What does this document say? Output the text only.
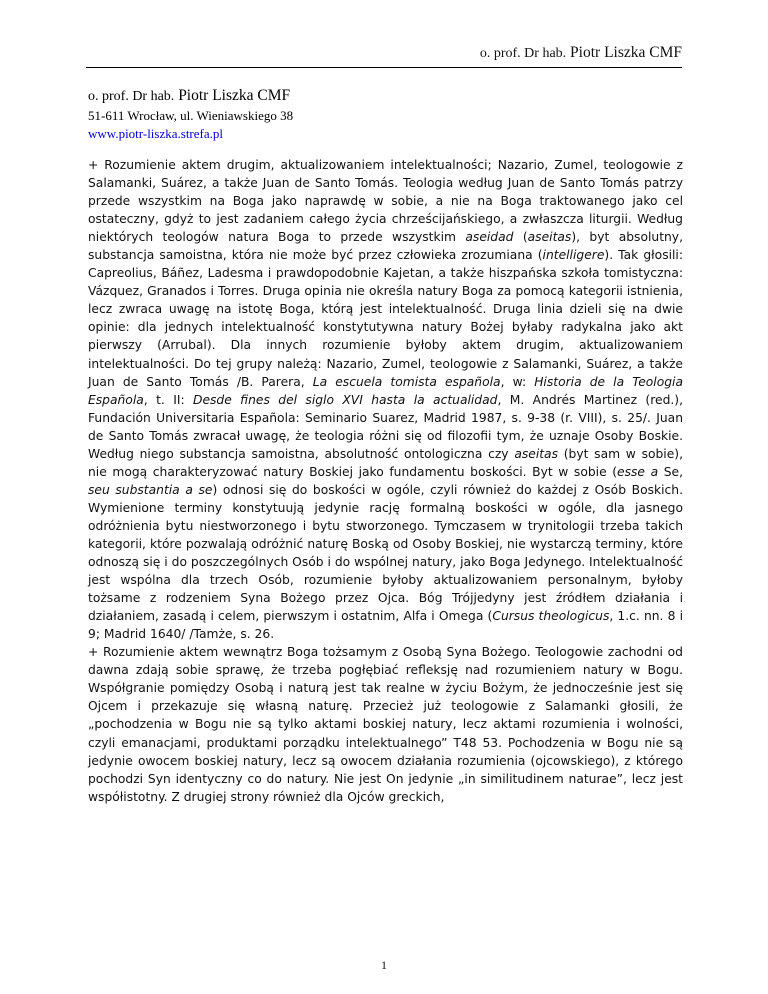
o. prof. Dr hab. Piotr Liszka CMF
o. prof. Dr hab. Piotr Liszka CMF
51-611 Wrocław, ul. Wieniawskiego 38
www.piotr-liszka.strefa.pl

+ Rozumienie aktem drugim, aktualizowaniem intelektualności; Nazario, Zumel, teologowie z Salamanki, Suárez, a także Juan de Santo Tomás. Teologia według Juan de Santo Tomás patrzy przede wszystkim na Boga jako naprawdę w sobie, a nie na Boga traktowanego jako cel ostateczny, gdyż to jest zadaniem całego życia chrześcijańskiego, a zwłaszcza liturgii. Według niektórych teologów natura Boga to przede wszystkim aseidad (aseitas), byt absolutny, substancja samoistna, która nie może być przez człowieka zrozumiana (intelligere). Tak głosili: Capreolius, Báñez, Ladesma i prawdopodobnie Kajetan, a także hiszpańska szkoła tomistyczna: Vázquez, Granados i Torres. Druga opinia nie określa natury Boga za pomocą kategorii istnienia, lecz zwraca uwagę na istotę Boga, którą jest intelektualność. Druga linia dzieli się na dwie opinie: dla jednych intelektualność konstytutywna natury Bożej byłaby radykalna jako akt pierwszy (Arrubal). Dla innych rozumienie byłoby aktem drugim, aktualizowaniem intelektualności. Do tej grupy należą: Nazario, Zumel, teologowie z Salamanki, Suárez, a także Juan de Santo Tomás /B. Parera, La escuela tomista española, w: Historia de la Teologia Española, t. II: Desde fines del siglo XVI hasta la actualidad, M. Andrés Martinez (red.), Fundación Universitaria Española: Seminario Suarez, Madrid 1987, s. 9-38 (r. VIII), s. 25/. Juan de Santo Tomás zwracał uwagę, że teologia różni się od filozofii tym, że uznaje Osoby Boskie. Według niego substancja samoistna, absolutność ontologiczna czy aseitas (byt sam w sobie), nie mogą charakteryzować natury Boskiej jako fundamentu boskości. Byt w sobie (esse a Se, seu substantia a se) odnosi się do boskości w ogóle, czyli również do każdej z Osób Boskich. Wymienione terminy konstytuują jedynie rację formalną boskości w ogóle, dla jasnego odróżnienia bytu niestworzonego i bytu stworzonego. Tymczasem w trynitologii trzeba takich kategorii, które pozwalają odróżnić naturę Boską od Osoby Boskiej, nie wystarczą terminy, które odnoszą się i do poszczególnych Osób i do wspólnej natury, jako Boga Jedynego. Intelektualność jest wspólna dla trzech Osób, rozumienie byłoby aktualizowaniem personalnym, byłoby tożsame z rodzeniem Syna Bożego przez Ojca. Bóg Trójjedyny jest źródłem działania i działaniem, zasadą i celem, pierwszym i ostatnim, Alfa i Omega (Cursus theologicus, 1.c. nn. 8 i 9; Madrid 1640/ /Tamże, s. 26.

+ Rozumienie aktem wewnątrz Boga tożsamym z Osobą Syna Bożego. Teologowie zachodni od dawna zdają sobie sprawę, że trzeba pogłębiać refleksję nad rozumieniem natury w Bogu. Współgranie pomiędzy Osobą i naturą jest tak realne w życiu Bożym, że jednocześnie jest się Ojcem i przekazuje się własną naturę. Przecież już teologowie z Salamanki głosili, że „pochodzenia w Bogu nie są tylko aktami boskiej natury, lecz aktami rozumienia i wolności, czyli emanacjami, produktami porządku intelektualnego” T48 53. Pochodzenia w Bogu nie są jedynie owocem boskiej natury, lecz są owocem działania rozumienia (ojcowskiego), z którego pochodzi Syn identyczny co do natury. Nie jest On jedynie „in similitudinem naturae”, lecz jest współistotny. Z drugiej strony również dla Ojców greckich,

1
